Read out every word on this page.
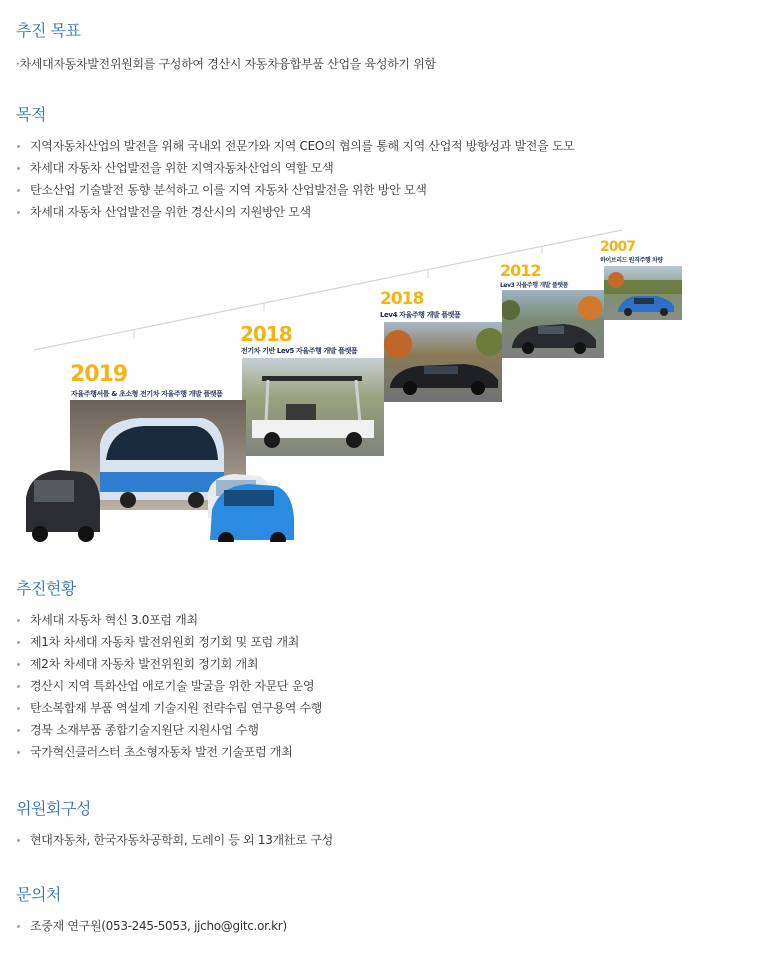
추진 목표
·차세대자동차발전위원회를 구성하여 경산시 자동차융합부품 산업을 육성하기 위함
목적
지역자동차산업의 발전을 위해 국내외 전문가와 지역 CEO의 협의를 통해 지역 산업적 방향성과 발전을 도모
차세대 자동차 산업발전을 위한 지역자동차산업의 역할 모색
탄소산업 기술발전 동향 분석하고 이를 지역 자동차 산업발전을 위한 방안 모색
차세대 자동차 산업발전을 위한 경산시의 지원방안 모색
2007
하이브리드 원격주행 차량
2012
Lev3 자율주행 개발 플랫폼
2018
Lev4 자율주행 개발 플랫폼
2018
전기차 기반 Lev5 자율주행 개발 플랫폼
2019
자율주행셔틀 & 초소형 전기차 자율주행 개발 플랫폼
추진현황
차세대 자동차 혁신 3.0포럼 개최
제1차 차세대 자동차 발전위원회 정기회 및 포럼 개최
제2차 차세대 자동차 발전위원회 정기회 개최
경산시 지역 특화산업 애로기술 발굴을 위한 자문단 운영
탄소복합재 부품 역설계 기술지원 전략수립 연구용역 수행
경북 소재부품 종합기술지원단 지원사업 수행
국가혁신클러스터 초소형자동차 발전 기술포럼 개최
위원회구성
현대자동차, 한국자동차공학회, 도레이 등 외 13개社로 구성
문의처
조중재 연구원(053-245-5053, jjcho@gitc.or.kr)
